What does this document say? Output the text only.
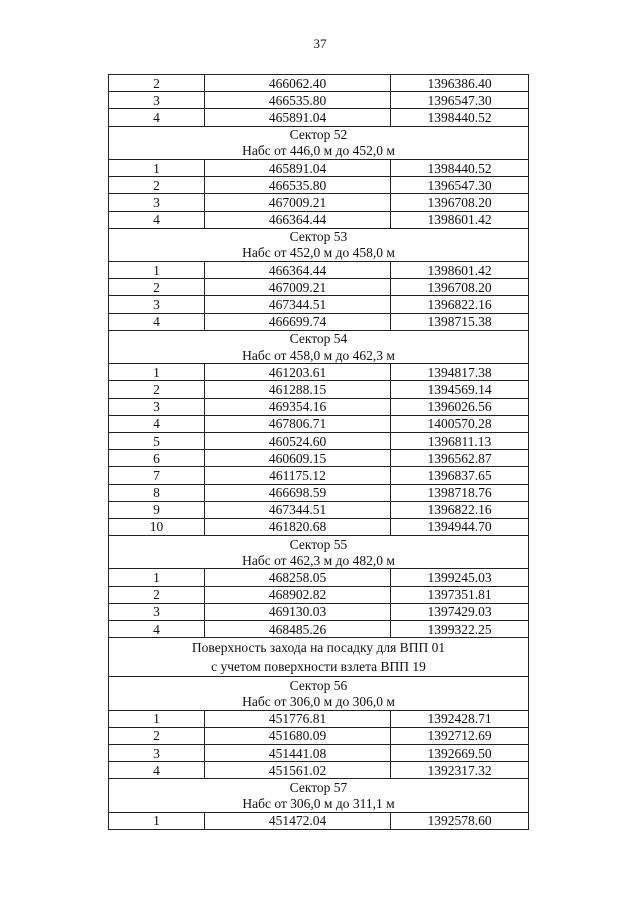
37
2	466062.40	1396386.40
3	466535.80	1396547.30
4	465891.04	1398440.52
Сектор 52		
Набс от 446,0 м до 452,0 м		
1	465891.04	1398440.52
2	466535.80	1396547.30
3	467009.21	1396708.20
4	466364.44	1398601.42
Сектор 53		
Набс от 452,0 м до 458,0 м		
1	466364.44	1398601.42
2	467009.21	1396708.20
3	467344.51	1396822.16
4	466699.74	1398715.38
Сектор 54		
Набс от 458,0 м до 462,3 м		
1	461203.61	1394817.38
2	461288.15	1394569.14
3	469354.16	1396026.56
4	467806.71	1400570.28
5	460524.60	1396811.13
6	460609.15	1396562.87
7	461175.12	1396837.65
8	466698.59	1398718.76
9	467344.51	1396822.16
10	461820.68	1394944.70
Сектор 55		
Набс от 462,3 м до 482,0 м		
1	468258.05	1399245.03
2	468902.82	1397351.81
3	469130.03	1397429.03
4	468485.26	1399322.25
Поверхность захода на посадку для ВПП 01		
с учетом поверхности взлета ВПП 19		
Сектор 56		
Набс от 306,0 м до 306,0 м		
1	451776.81	1392428.71
2	451680.09	1392712.69
3	451441.08	1392669.50
4	451561.02	1392317.32
Сектор 57		
Набс от 306,0 м до 311,1 м		
1	451472.04	1392578.60
